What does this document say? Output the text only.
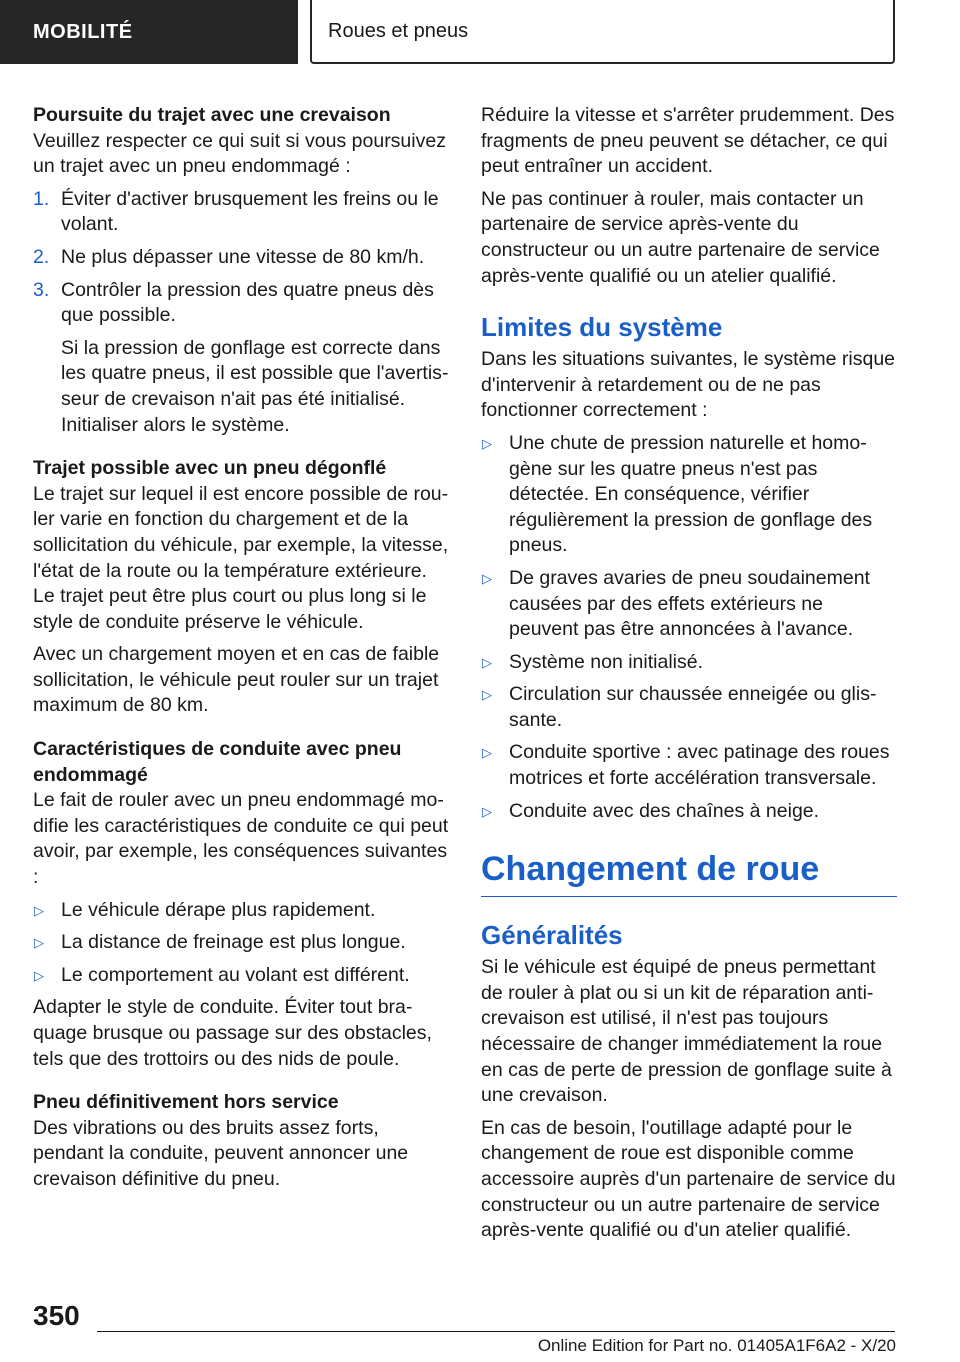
MOBILITÉ	Roues et pneus

Poursuite du trajet avec une crevaison

Veuillez respecter ce qui suit si vous poursuivez un trajet avec un pneu endommagé :

1. Éviter d'activer brusquement les freins ou le volant.
2. Ne plus dépasser une vitesse de 80 km/h.
3. Contrôler la pression des quatre pneus dès que possible.
Si la pression de gonflage est correcte dans les quatre pneus, il est possible que l'avertisseur de crevaison n'ait pas été initialisé. Initialiser alors le système.

Trajet possible avec un pneu dégonflé

Le trajet sur lequel il est encore possible de rouler varie en fonction du chargement et de la sollicitation du véhicule, par exemple, la vitesse, l'état de la route ou la température extérieure. Le trajet peut être plus court ou plus long si le style de conduite préserve le véhicule.

Avec un chargement moyen et en cas de faible sollicitation, le véhicule peut rouler sur un trajet maximum de 80 km.

Caractéristiques de conduite avec pneu endommagé

Le fait de rouler avec un pneu endommagé modifie les caractéristiques de conduite ce qui peut avoir, par exemple, les conséquences suivantes :

▷ Le véhicule dérape plus rapidement.
▷ La distance de freinage est plus longue.
▷ Le comportement au volant est différent.

Adapter le style de conduite. Éviter tout braquage brusque ou passage sur des obstacles, tels que des trottoirs ou des nids de poule.

Pneu définitivement hors service

Des vibrations ou des bruits assez forts, pendant la conduite, peuvent annoncer une crevaison définitive du pneu.

Réduire la vitesse et s'arrêter prudemment. Des fragments de pneu peuvent se détacher, ce qui peut entraîner un accident.

Ne pas continuer à rouler, mais contacter un partenaire de service après-vente du constructeur ou un autre partenaire de service après-vente qualifié ou un atelier qualifié.

Limites du système

Dans les situations suivantes, le système risque d'intervenir à retardement ou de ne pas fonctionner correctement :

▷ Une chute de pression naturelle et homogène sur les quatre pneus n'est pas détectée. En conséquence, vérifier régulièrement la pression de gonflage des pneus.
▷ De graves avaries de pneu soudainement causées par des effets extérieurs ne peuvent pas être annoncées à l'avance.
▷ Système non initialisé.
▷ Circulation sur chaussée enneigée ou glissante.
▷ Conduite sportive : avec patinage des roues motrices et forte accélération transversale.
▷ Conduite avec des chaînes à neige.
Changement de roue
Généralités

Si le véhicule est équipé de pneus permettant de rouler à plat ou si un kit de réparation anti-crevaison est utilisé, il n'est pas toujours nécessaire de changer immédiatement la roue en cas de perte de pression de gonflage suite à une crevaison.

En cas de besoin, l'outillage adapté pour le changement de roue est disponible comme accessoire auprès d'un partenaire de service du constructeur ou un autre partenaire de service après-vente qualifié ou d'un atelier qualifié.

350
Online Edition for Part no. 01405A1F6A2 - X/20
